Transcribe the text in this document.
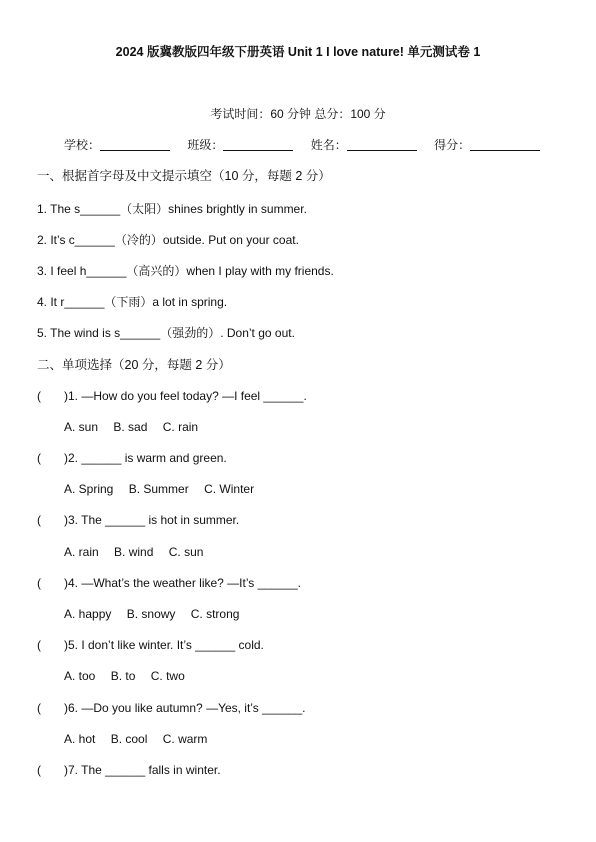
2024 版冀教版四年级下册英语 Unit 1 I love nature! 单元测试卷 1
考试时间：60 分钟 总分：100 分
学校：	班级：	姓名：	得分：
一、根据首字母及中文提示填空（10 分，每题 2 分）
1. The s______（太阳）shines brightly in summer.
2. It’s c______（冷的）outside. Put on your coat.
3. I feel h______（高兴的）when I play with my friends.
4. It r______（下雨）a lot in spring.
5. The wind is s______（强劲的）. Don’t go out.
二、单项选择（20 分，每题 2 分）
( )1. —How do you feel today? —I feel ______.
A. sun B. sad C. rain
( )2. ______ is warm and green.
A. Spring B. Summer C. Winter
( )3. The ______ is hot in summer.
A. rain B. wind C. sun
( )4. —What’s the weather like? —It’s ______.
A. happy B. snowy C. strong
( )5. I don’t like winter. It’s ______ cold.
A. too B. to C. two
( )6. —Do you like autumn? —Yes, it’s ______.
A. hot B. cool C. warm
( )7. The ______ falls in winter.
